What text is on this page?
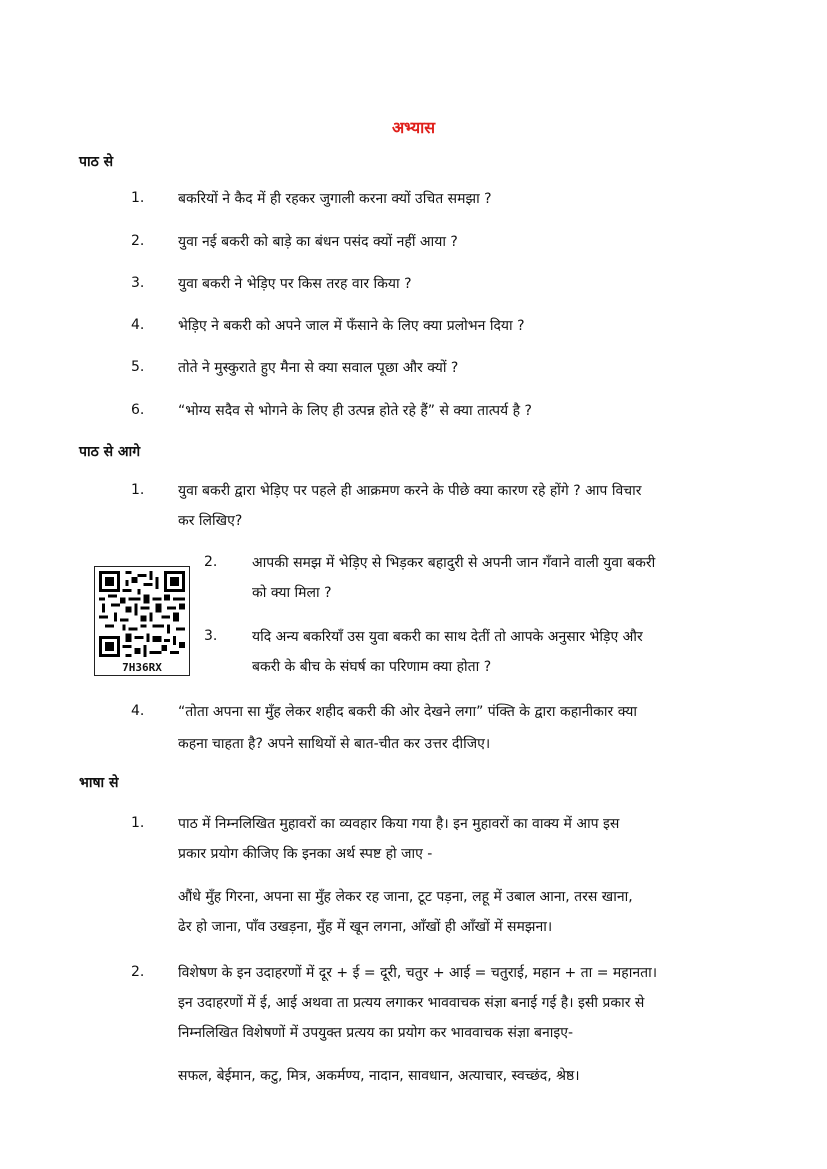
अभ्यास
पाठ से
1. बकरियों ने कैद में ही रहकर जुगाली करना क्यों उचित समझा ?
2. युवा नई बकरी को बाड़े का बंधन पसंद क्यों नहीं आया ?
3. युवा बकरी ने भेड़िए पर किस तरह वार किया ?
4. भेड़िए ने बकरी को अपने जाल में फँसाने के लिए क्या प्रलोभन दिया ?
5. तोते ने मुस्कुराते हुए मैना से क्या सवाल पूछा और क्यों ?
6. “भोग्य सदैव से भोगने के लिए ही उत्पन्न होते रहे हैं” से क्या तात्पर्य है ?
पाठ से आगे
1. युवा बकरी द्वारा भेड़िए पर पहले ही आक्रमण करने के पीछे क्या कारण रहे होंगे ? आप विचार
कर लिखिए?
2. आपकी समझ में भेड़िए से भिड़कर बहादुरी से अपनी जान गँवाने वाली युवा बकरी
को क्या मिला ?
3. यदि अन्य बकरियाँ उस युवा बकरी का साथ देतीं तो आपके अनुसार भेड़िए और
बकरी के बीच के संघर्ष का परिणाम क्या होता ?
4. “तोता अपना सा मुँह लेकर शहीद बकरी की ओर देखने लगा” पंक्ति के द्वारा कहानीकार क्या
कहना चाहता है? अपने साथियों से बात-चीत कर उत्तर दीजिए।
7H36RX
भाषा से
1. पाठ में निम्नलिखित मुहावरों का व्यवहार किया गया है। इन मुहावरों का वाक्य में आप इस
प्रकार प्रयोग कीजिए कि इनका अर्थ स्पष्ट हो जाए -
औंधे मुँह गिरना, अपना सा मुँह लेकर रह जाना, टूट पड़ना, लहू में उबाल आना, तरस खाना,
ढेर हो जाना, पाँव उखड़ना, मुँह में खून लगना, आँखों ही आँखों में समझना।
2. विशेषण के इन उदाहरणों में दूर + ई = दूरी, चतुर + आई = चतुराई, महान + ता = महानता।
इन उदाहरणों में ई, आई अथवा ता प्रत्यय लगाकर भाववाचक संज्ञा बनाई गई है। इसी प्रकार से
निम्नलिखित विशेषणों में उपयुक्त प्रत्यय का प्रयोग कर भाववाचक संज्ञा बनाइए-
सफल, बेईमान, कटु, मित्र, अकर्मण्य, नादान, सावधान, अत्याचार, स्वच्छंद, श्रेष्ठ।
